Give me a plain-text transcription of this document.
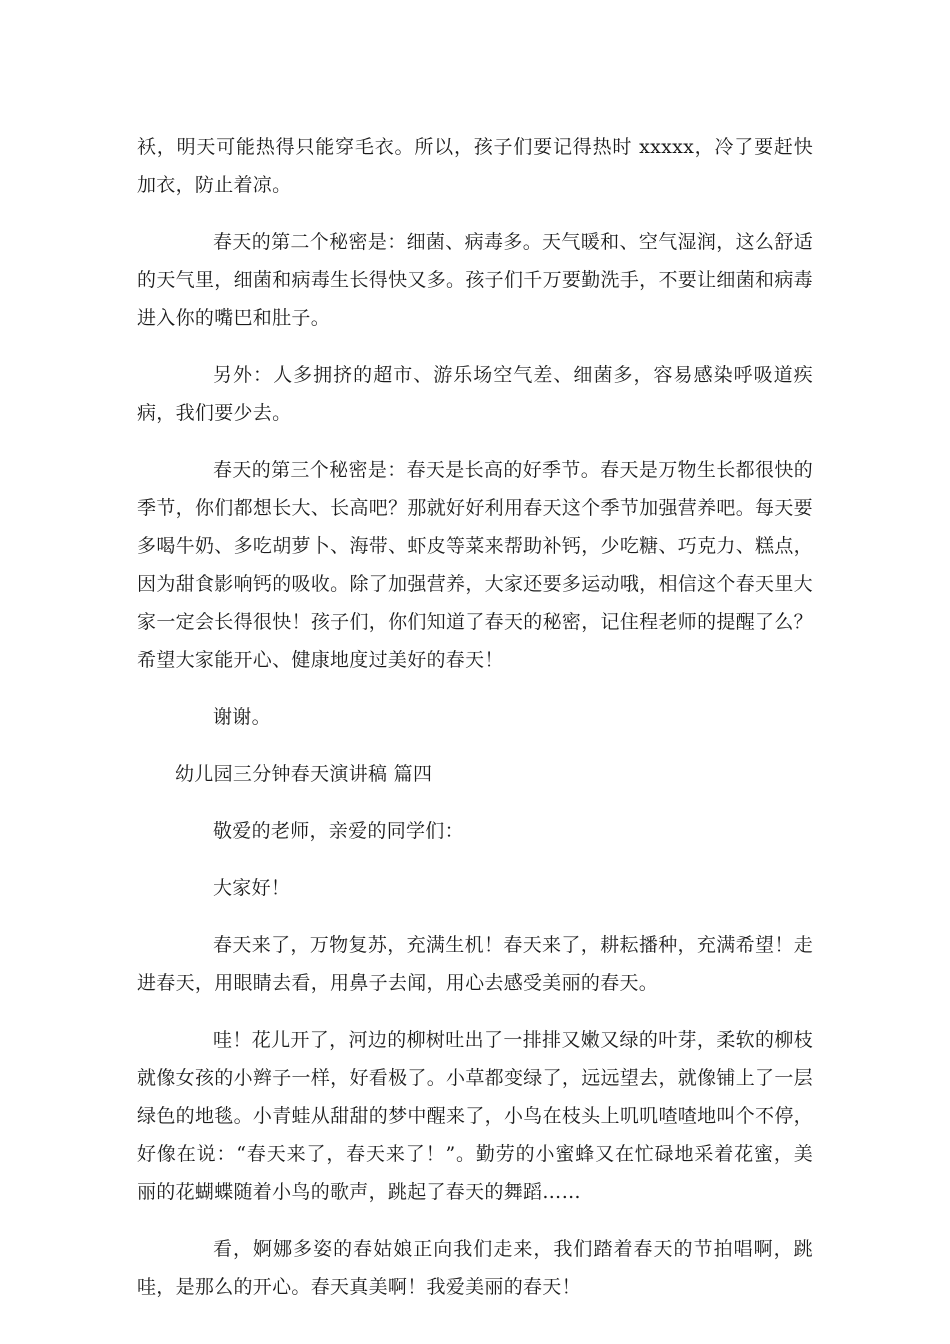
袄，明天可能热得只能穿毛衣。所以，孩子们要记得热时 xxxxx，冷了要赶快加衣，防止着凉。

春天的第二个秘密是：细菌、病毒多。天气暖和、空气湿润，这么舒适的天气里，细菌和病毒生长得快又多。孩子们千万要勤洗手，不要让细菌和病毒进入你的嘴巴和肚子。

另外：人多拥挤的超市、游乐场空气差、细菌多，容易感染呼吸道疾病，我们要少去。

春天的第三个秘密是：春天是长高的好季节。春天是万物生长都很快的季节，你们都想长大、长高吧？那就好好利用春天这个季节加强营养吧。每天要多喝牛奶、多吃胡萝卜、海带、虾皮等菜来帮助补钙，少吃糖、巧克力、糕点，因为甜食影响钙的吸收。除了加强营养，大家还要多运动哦，相信这个春天里大家一定会长得很快！孩子们，你们知道了春天的秘密，记住程老师的提醒了么？希望大家能开心、健康地度过美好的春天！

谢谢。

幼儿园三分钟春天演讲稿 篇四

敬爱的老师，亲爱的同学们：

大家好！

春天来了，万物复苏，充满生机！春天来了，耕耘播种，充满希望！走进春天，用眼睛去看，用鼻子去闻，用心去感受美丽的春天。

哇！花儿开了，河边的柳树吐出了一排排又嫩又绿的叶芽，柔软的柳枝就像女孩的小辫子一样，好看极了。小草都变绿了，远远望去，就像铺上了一层绿色的地毯。小青蛙从甜甜的梦中醒来了，小鸟在枝头上叽叽喳喳地叫个不停，好像在说：“春天来了，春天来了！”。勤劳的小蜜蜂又在忙碌地采着花蜜，美丽的花蝴蝶随着小鸟的歌声，跳起了春天的舞蹈……

看，婀娜多姿的春姑娘正向我们走来，我们踏着春天的节拍唱啊，跳哇，是那么的开心。春天真美啊！我爱美丽的春天！
